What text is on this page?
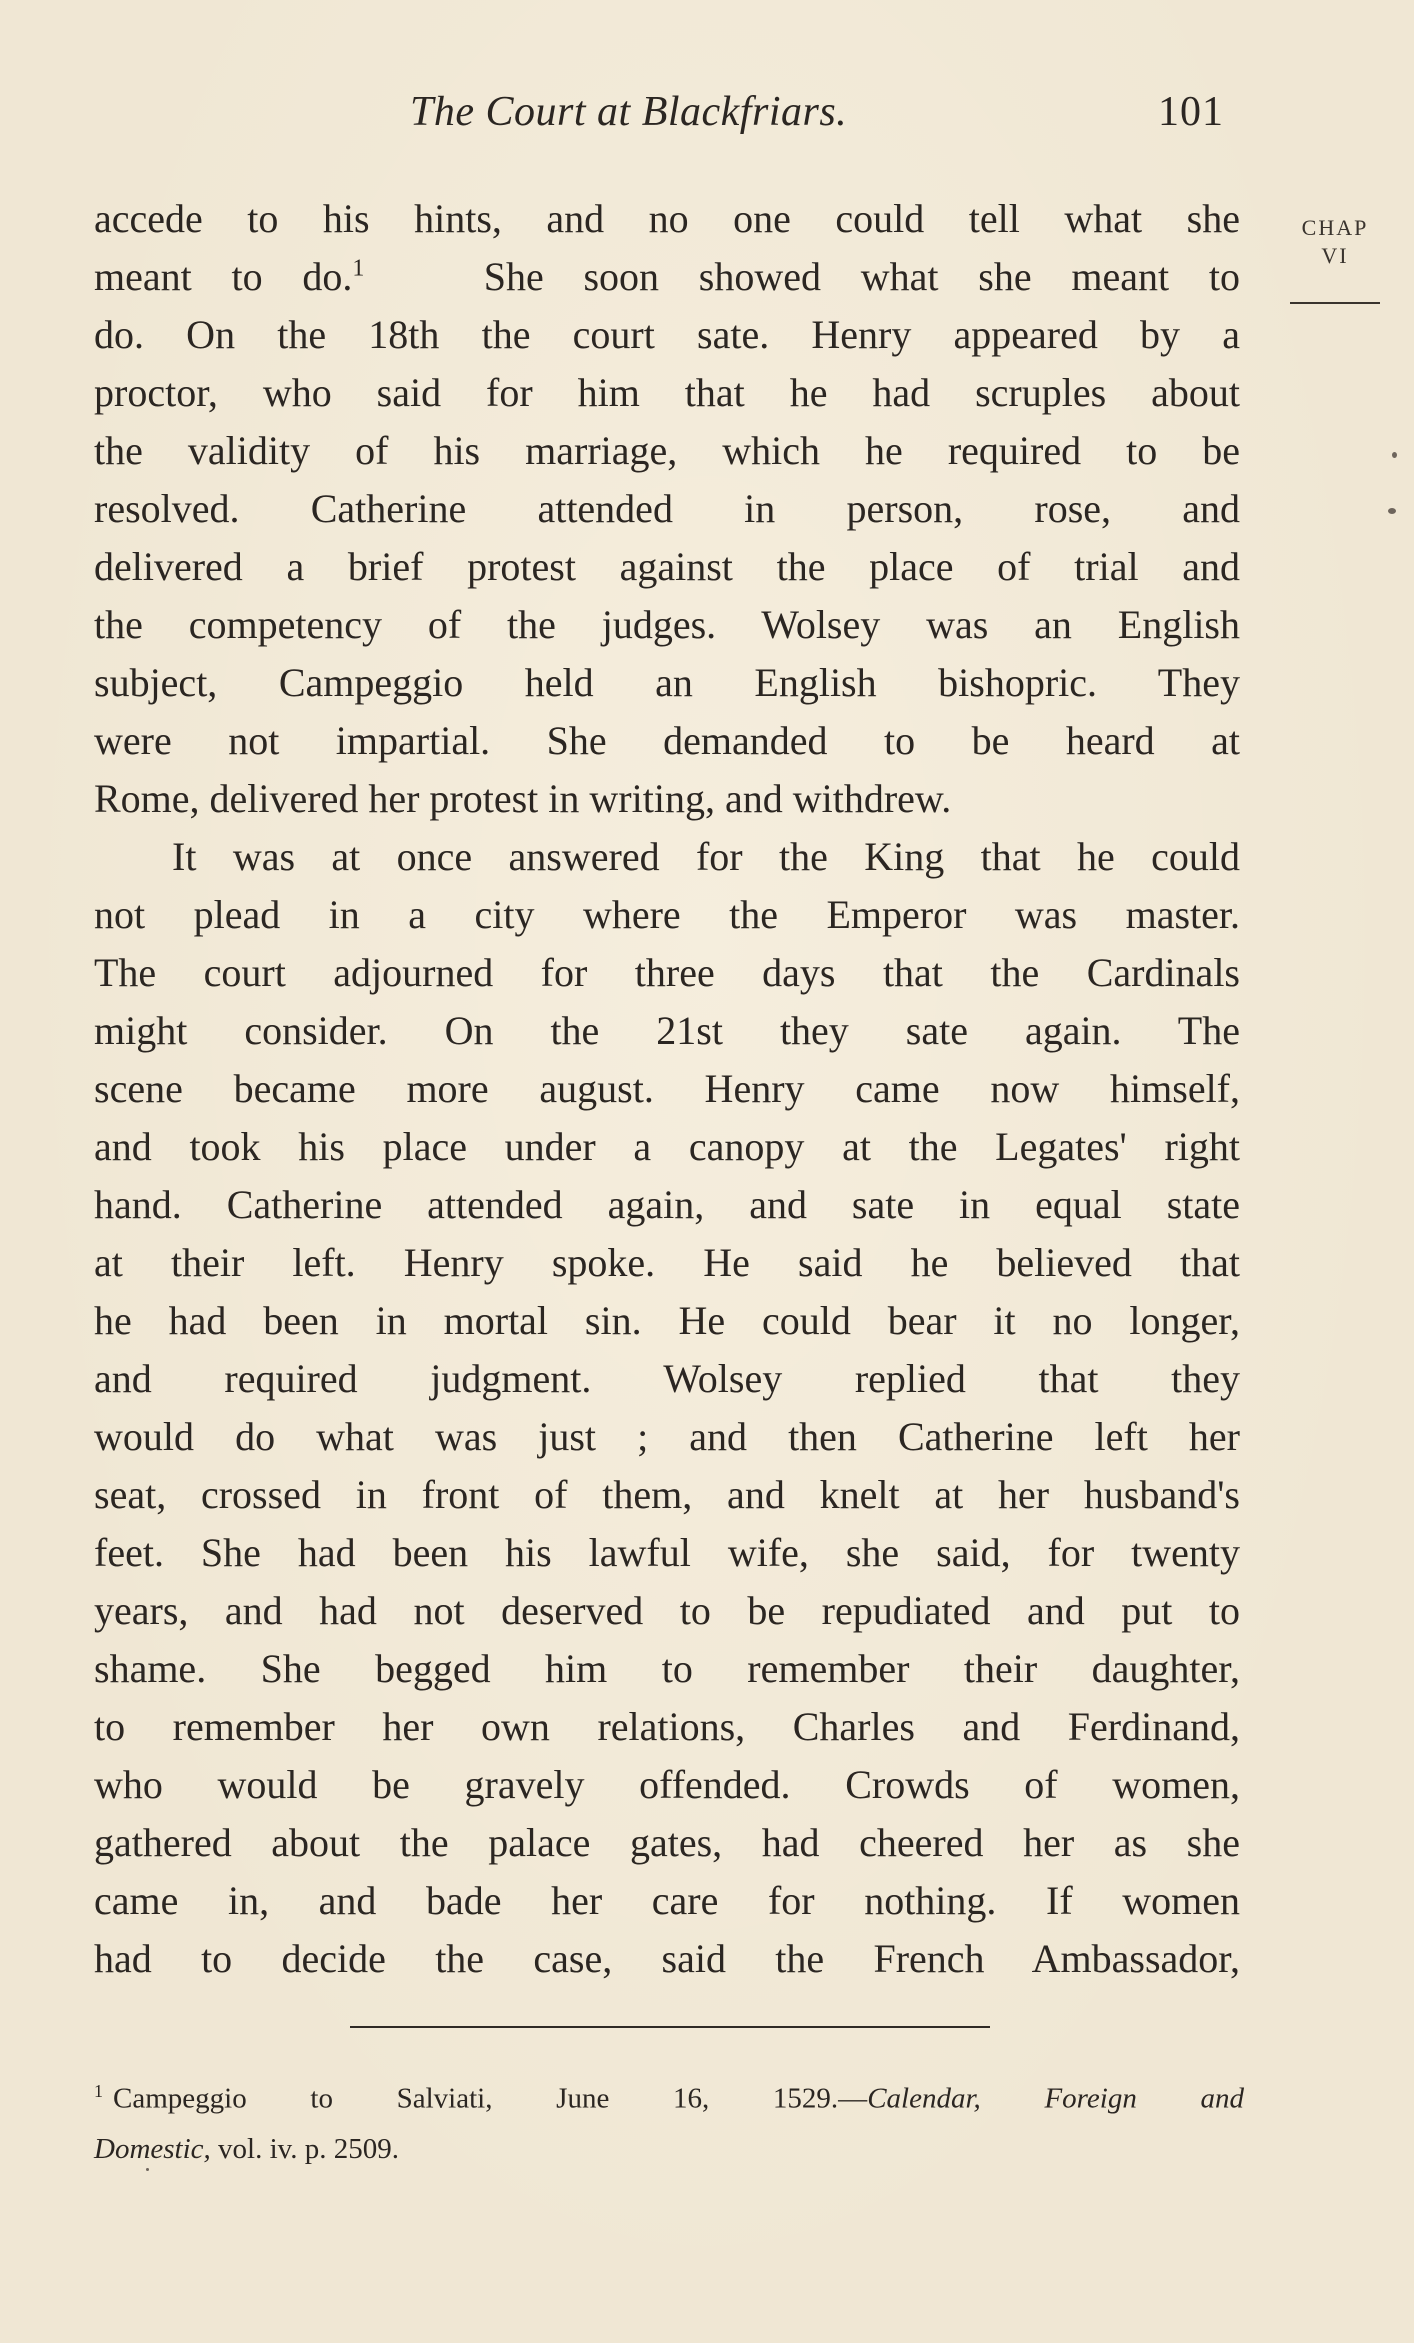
The Court at Blackfriars.	101
CHAP
VI
accede to his hints, and no one could tell what she
meant to do.$^1$	She soon showed what she meant to
do. On the 18th the court sate. Henry appeared by a
proctor, who said for him that he had scruples about
the validity of his marriage, which he required to be
resolved. Catherine attended in person, rose, and
delivered a brief protest against the place of trial and
the competency of the judges. Wolsey was an English
subject, Campeggio held an English bishopric. They
were not impartial. She demanded to be heard at
Rome, delivered her protest in writing, and withdrew.
It was at once answered for the King that he could
not plead in a city where the Emperor was master.
The court adjourned for three days that the Cardinals
might consider. On the 21st they sate again. The
scene became more august. Henry came now himself,
and took his place under a canopy at the Legates' right
hand. Catherine attended again, and sate in equal state
at their left. Henry spoke. He said he believed that
he had been in mortal sin. He could bear it no longer,
and required judgment. Wolsey replied that they
would do what was just ; and then Catherine left her
seat, crossed in front of them, and knelt at her husband's
feet. She had been his lawful wife, she said, for twenty
years, and had not deserved to be repudiated and put to
shame. She begged him to remember their daughter,
to remember her own relations, Charles and Ferdinand,
who would be gravely offended. Crowds of women,
gathered about the palace gates, had cheered her as she
came in, and bade her care for nothing. If women
had to decide the case, said the French Ambassador,
$^1$ Campeggio to Salviati, June 16, 1529.—Calendar, Foreign and
Domestic, vol. iv. p. 2509.
